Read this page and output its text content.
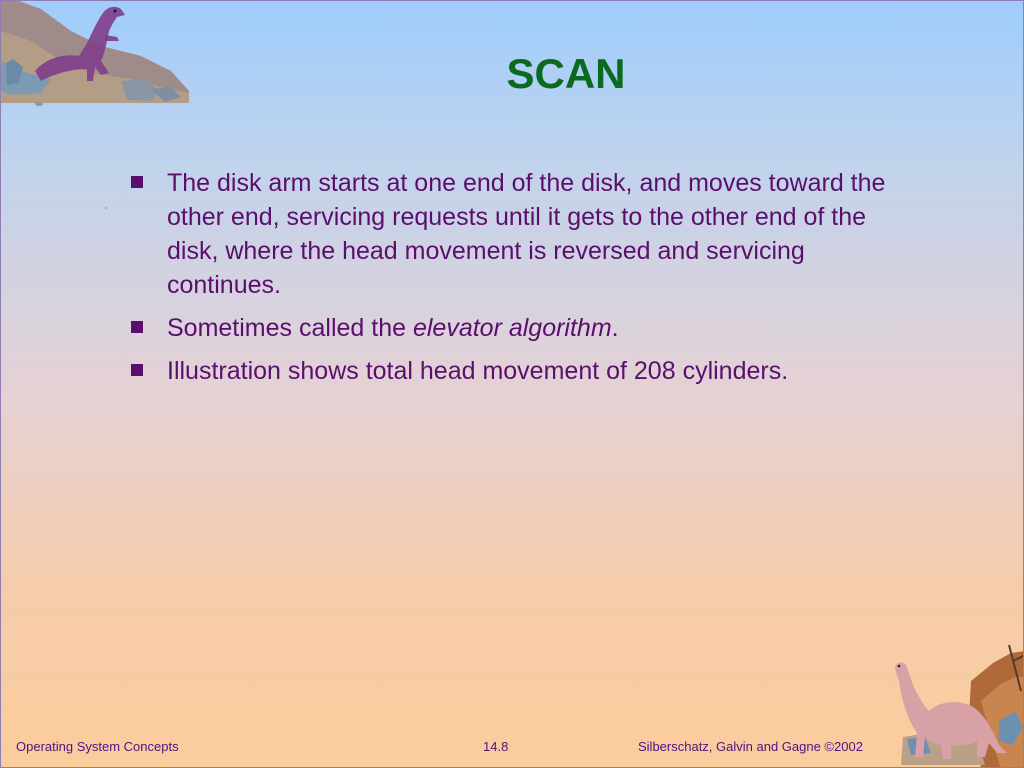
SCAN
The disk arm starts at one end of the disk, and moves toward the other end, servicing requests until it gets to the other end of the disk, where the head movement is reversed and servicing continues.
Sometimes called the elevator algorithm.
Illustration shows total head movement of 208 cylinders.
Operating System Concepts	14.8	Silberschatz, Galvin and Gagne ©2002
